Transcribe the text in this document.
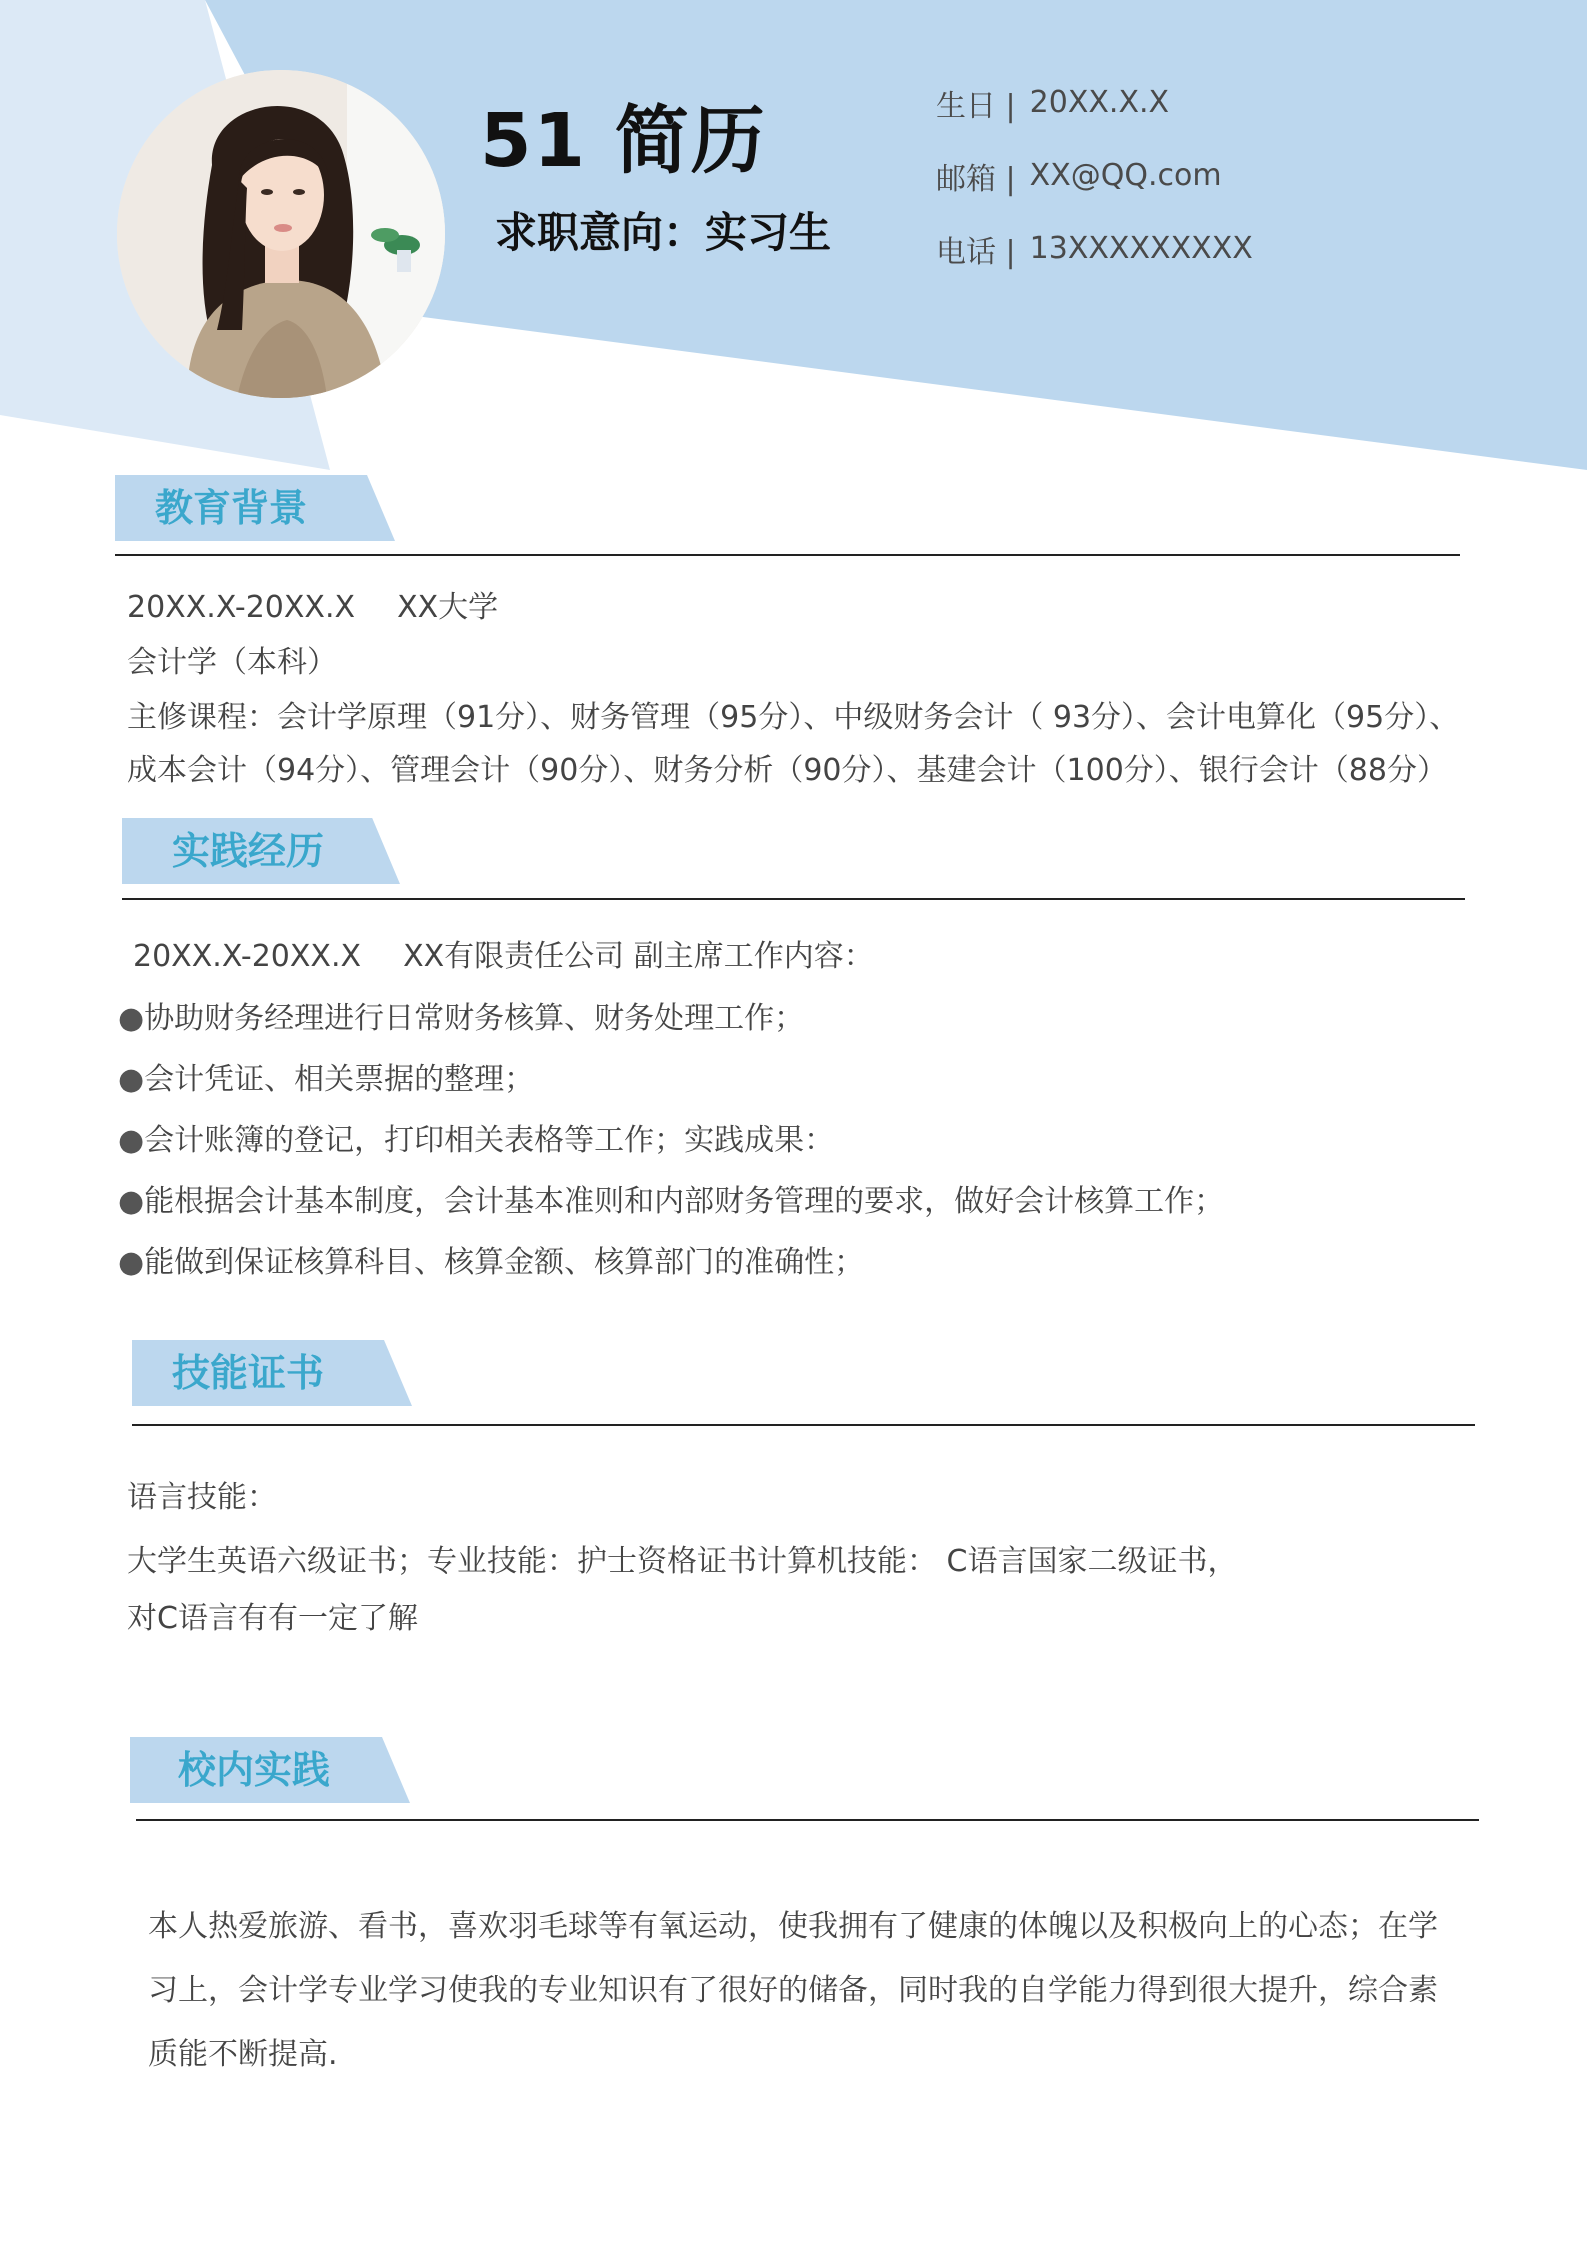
51 简历
求职意向：实习生
生日 | 20XX.X.X
邮箱 | XX@QQ.com
电话 | 13XXXXXXXXX
教育背景
20XX.X-20XX.X XX大学
会计学（本科）
主修课程：会计学原理（91分）、财务管理（95分）、中级财务会计（ 93分）、会计电算化（95分）、
成本会计（94分）、管理会计（90分）、财务分析（90分）、基建会计（100分）、银行会计（88分）
实践经历
20XX.X-20XX.X XX有限责任公司 副主席工作内容：
●协助财务经理进行日常财务核算、财务处理工作；
●会计凭证、相关票据的整理；
●会计账簿的登记，打印相关表格等工作；实践成果：
●能根据会计基本制度，会计基本准则和内部财务管理的要求，做好会计核算工作；
●能做到保证核算科目、核算金额、核算部门的准确性；
技能证书
语言技能：
大学生英语六级证书；专业技能：护士资格证书计算机技能： C语言国家二级证书，
对C语言有有一定了解
校内实践

本人热爱旅游、看书，喜欢羽毛球等有氧运动，使我拥有了健康的体魄以及积极向上的心态；在学习上，会计学专业学习使我的专业知识有了很好的储备，同时我的自学能力得到很大提升，综合素质能不断提高.
